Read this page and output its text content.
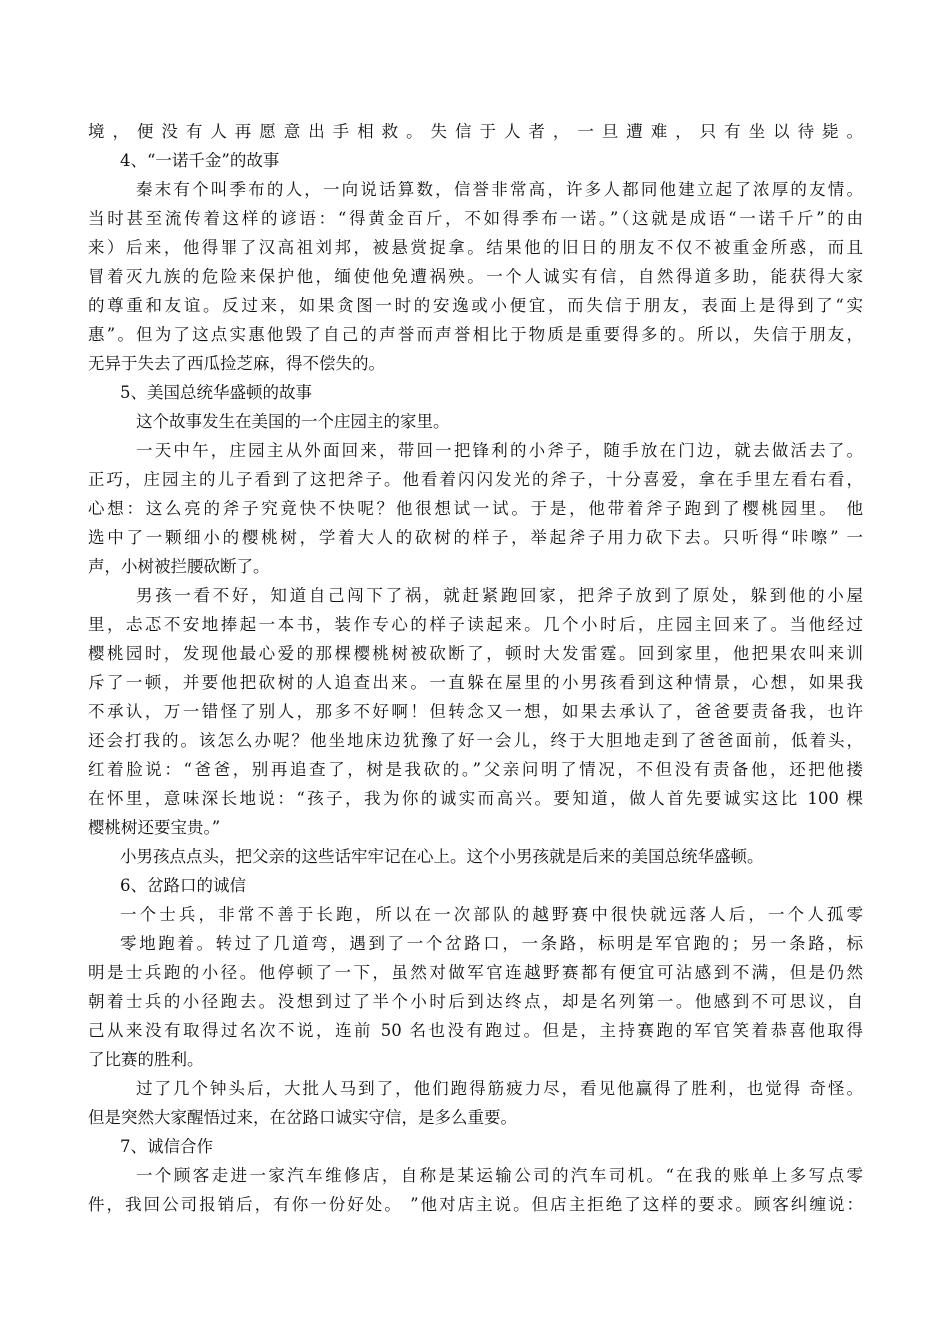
境，便没有人再愿意出手相救。失信于人者，一旦遭难，只有坐以待毙。
4、“一诺千金”的故事
秦末有个叫季布的人，一向说话算数，信誉非常高，许多人都同他建立起了浓厚的友情。
当时甚至流传着这样的谚语：“得黄金百斤，不如得季布一诺。”（这就是成语“一诺千斤”的由
来）后来，他得罪了汉高祖刘邦，被悬赏捉拿。结果他的旧日的朋友不仅不被重金所惑，而且
冒着灭九族的危险来保护他，缅使他免遭祸殃。一个人诚实有信，自然得道多助，能获得大家
的尊重和友谊。反过来，如果贪图一时的安逸或小便宜，而失信于朋友，表面上是得到了“实
惠”。但为了这点实惠他毁了自己的声誉而声誉相比于物质是重要得多的。所以，失信于朋友，
无异于失去了西瓜捡芝麻，得不偿失的。
5、美国总统华盛顿的故事
这个故事发生在美国的一个庄园主的家里。
一天中午，庄园主从外面回来，带回一把锋利的小斧子，随手放在门边，就去做活去了。
正巧，庄园主的儿子看到了这把斧子。他看着闪闪发光的斧子，十分喜爱，拿在手里左看右看，
心想：这么亮的斧子究竟快不快呢？他很想试一试。于是，他带着斧子跑到了樱桃园里。 他
选中了一颗细小的樱桃树，学着大人的砍树的样子，举起斧子用力砍下去。只听得“咔嚓” 一
声，小树被拦腰砍断了。
男孩一看不好，知道自己闯下了祸，就赶紧跑回家，把斧子放到了原处，躲到他的小屋
里，忐忑不安地捧起一本书，装作专心的样子读起来。几个小时后，庄园主回来了。当他经过
樱桃园时，发现他最心爱的那棵樱桃树被砍断了，顿时大发雷霆。回到家里，他把果农叫来训
斥了一顿，并要他把砍树的人追查出来。一直躲在屋里的小男孩看到这种情景，心想，如果我
不承认，万一错怪了别人，那多不好啊！但转念又一想，如果去承认了，爸爸要责备我，也许
还会打我的。该怎么办呢？他坐地床边犹豫了好一会儿，终于大胆地走到了爸爸面前，低着头，
红着脸说：“爸爸，别再追查了，树是我砍的。”父亲问明了情况，不但没有责备他，还把他搂
在怀里，意味深长地说：“孩子，我为你的诚实而高兴。要知道，做人首先要诚实这比 100 棵
樱桃树还要宝贵。”
小男孩点点头，把父亲的这些话牢牢记在心上。这个小男孩就是后来的美国总统华盛顿。
6、岔路口的诚信
一个士兵，非常不善于长跑，所以在一次部队的越野赛中很快就远落人后，一个人孤零
零地跑着。转过了几道弯，遇到了一个岔路口，一条路，标明是军官跑的；另一条路，标
明是士兵跑的小径。他停顿了一下，虽然对做军官连越野赛都有便宜可沾感到不满，但是仍然
朝着士兵的小径跑去。没想到过了半个小时后到达终点，却是名列第一。他感到不可思议，自
己从来没有取得过名次不说，连前 50 名也没有跑过。但是，主持赛跑的军官笑着恭喜他取得
了比赛的胜利。
过了几个钟头后，大批人马到了，他们跑得筋疲力尽，看见他赢得了胜利，也觉得 奇怪。
但是突然大家醒悟过来，在岔路口诚实守信，是多么重要。
7、诚信合作
一个顾客走进一家汽车维修店，自称是某运输公司的汽车司机。“在我的账单上多写点零
件，我回公司报销后，有你一份好处。 ”他对店主说。但店主拒绝了这样的要求。顾客纠缠说：
